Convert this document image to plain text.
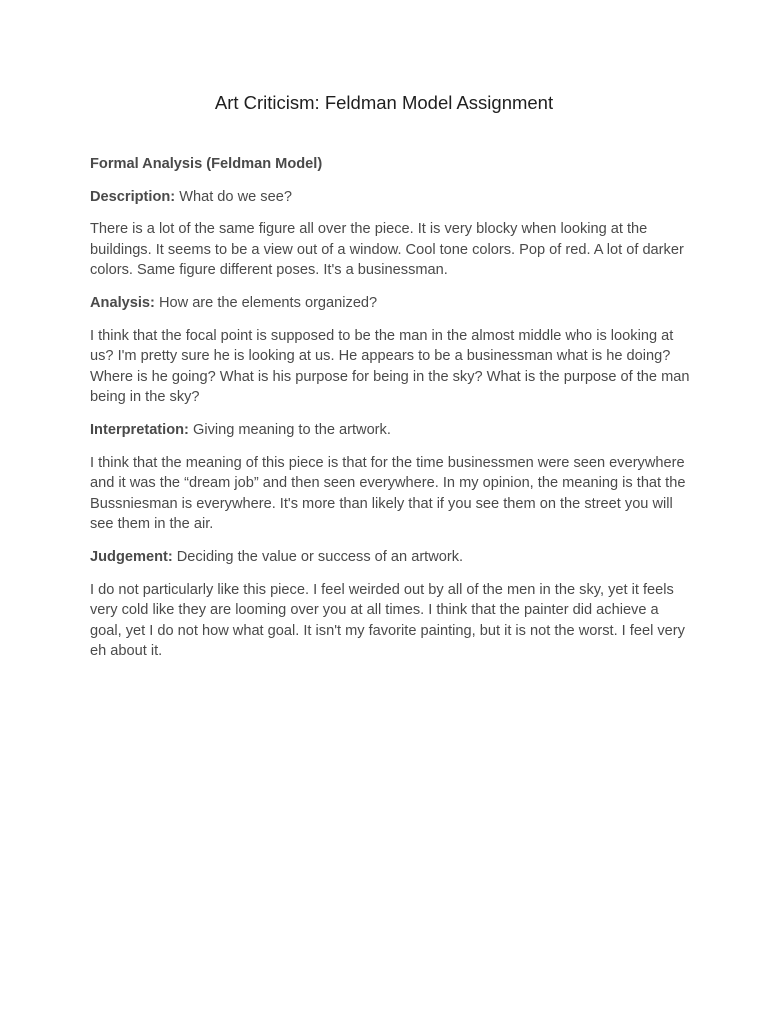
Art Criticism: Feldman Model Assignment

Formal Analysis (Feldman Model)

Description: What do we see?

There is a lot of the same figure all over the piece. It is very blocky when looking at the buildings. It seems to be a view out of a window. Cool tone colors. Pop of red. A lot of darker colors. Same figure different poses. It's a businessman.

Analysis: How are the elements organized?

I think that the focal point is supposed to be the man in the almost middle who is looking at us? I'm pretty sure he is looking at us. He appears to be a businessman what is he doing? Where is he going? What is his purpose for being in the sky? What is the purpose of the man being in the sky?

Interpretation: Giving meaning to the artwork.

I think that the meaning of this piece is that for the time businessmen were seen everywhere and it was the “dream job” and then seen everywhere. In my opinion, the meaning is that the Bussniesman is everywhere. It's more than likely that if you see them on the street you will see them in the air.

Judgement: Deciding the value or success of an artwork.

I do not particularly like this piece. I feel weirded out by all of the men in the sky, yet it feels very cold like they are looming over you at all times. I think that the painter did achieve a goal, yet I do not how what goal. It isn't my favorite painting, but it is not the worst. I feel very eh about it.
